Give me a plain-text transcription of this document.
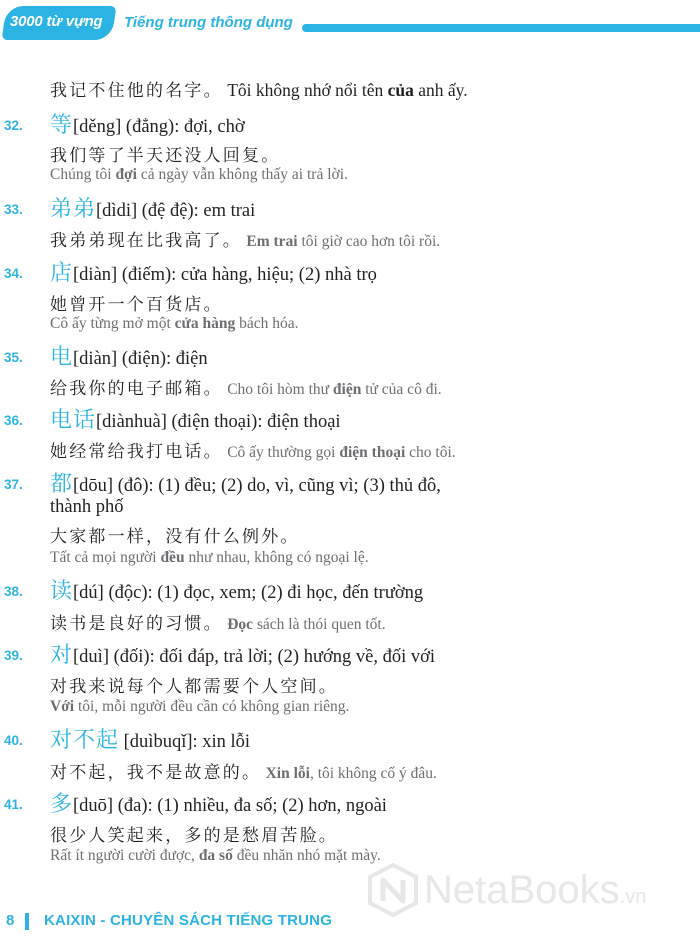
3000 từ vựng Tiếng trung thông dụng
我记不住他的名字。 Tôi không nhớ nổi tên của anh ấy.
32. 等[děng] (đẳng): đợi, chờ
我们等了半天还没人回复。
Chúng tôi đợi cả ngày vẫn không thấy ai trả lời.
33. 弟弟[dìdi] (đệ đệ): em trai
我弟弟现在比我高了。 Em trai tôi giờ cao hơn tôi rồi.
34. 店[diàn] (điếm): cửa hàng, hiệu; (2) nhà trọ
她曾开一个百货店。
Cô ấy từng mở một cửa hàng bách hóa.
35. 电[diàn] (điện): điện
给我你的电子邮箱。 Cho tôi hòm thư điện tử của cô đi.
36. 电话[diànhuà] (điện thoại): điện thoại
她经常给我打电话。 Cô ấy thường gọi điện thoại cho tôi.
37. 都[dōu] (đô): (1) đều; (2) do, vì, cũng vì; (3) thủ đô,
thành phố
大家都一样，没有什么例外。
Tất cả mọi người đều như nhau, không có ngoại lệ.
38. 读[dú] (độc): (1) đọc, xem; (2) đi học, đến trường
读书是良好的习惯。 Đọc sách là thói quen tốt.
39. 对[duì] (đối): đối đáp, trả lời; (2) hướng về, đối với
对我来说每个人都需要个人空间。
Với tôi, mỗi người đều cần có không gian riêng.
40. 对不起 [duìbuqǐ]: xin lỗi
对不起，我不是故意的。 Xin lỗi, tôi không cố ý đâu.
41. 多[duō] (đa): (1) nhiều, đa số; (2) hơn, ngoài
很少人笑起来，多的是愁眉苦脸。
Rất ít người cười được, đa số đều nhăn nhó mặt mày.
NetaBooks.vn
8 KAIXIN - CHUYÊN SÁCH TIẾNG TRUNG
